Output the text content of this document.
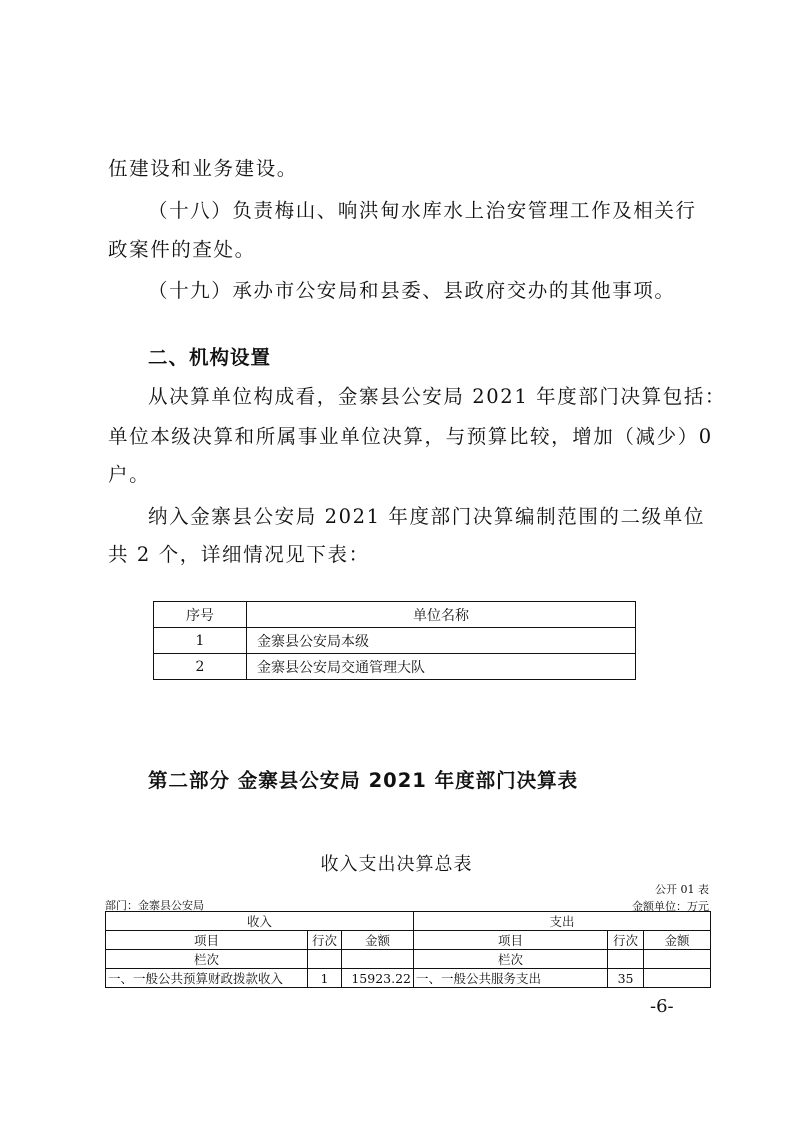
伍建设和业务建设。

（十八）负责梅山、响洪甸水库水上治安管理工作及相关行

政案件的查处。

（十九）承办市公安局和县委、县政府交办的其他事项。

二、机构设置

从决算单位构成看，金寨县公安局 2021 年度部门决算包括：

单位本级决算和所属事业单位决算，与预算比较，增加（减少）0

户。

纳入金寨县公安局 2021 年度部门决算编制范围的二级单位

共 2 个，详细情况见下表：

序号	单位名称
1	金寨县公安局本级
2	金寨县公安局交通管理大队
第二部分 金寨县公安局 2021 年度部门决算表
收入支出决算总表
公开 01 表
部门：金寨县公安局	金额单位：万元
收入			支出		
项目	行次	金额	项目	行次	金额
栏次			栏次		
一、一般公共预算财政拨款收入	1	15923.22	一、一般公共服务支出	35	
-6-
